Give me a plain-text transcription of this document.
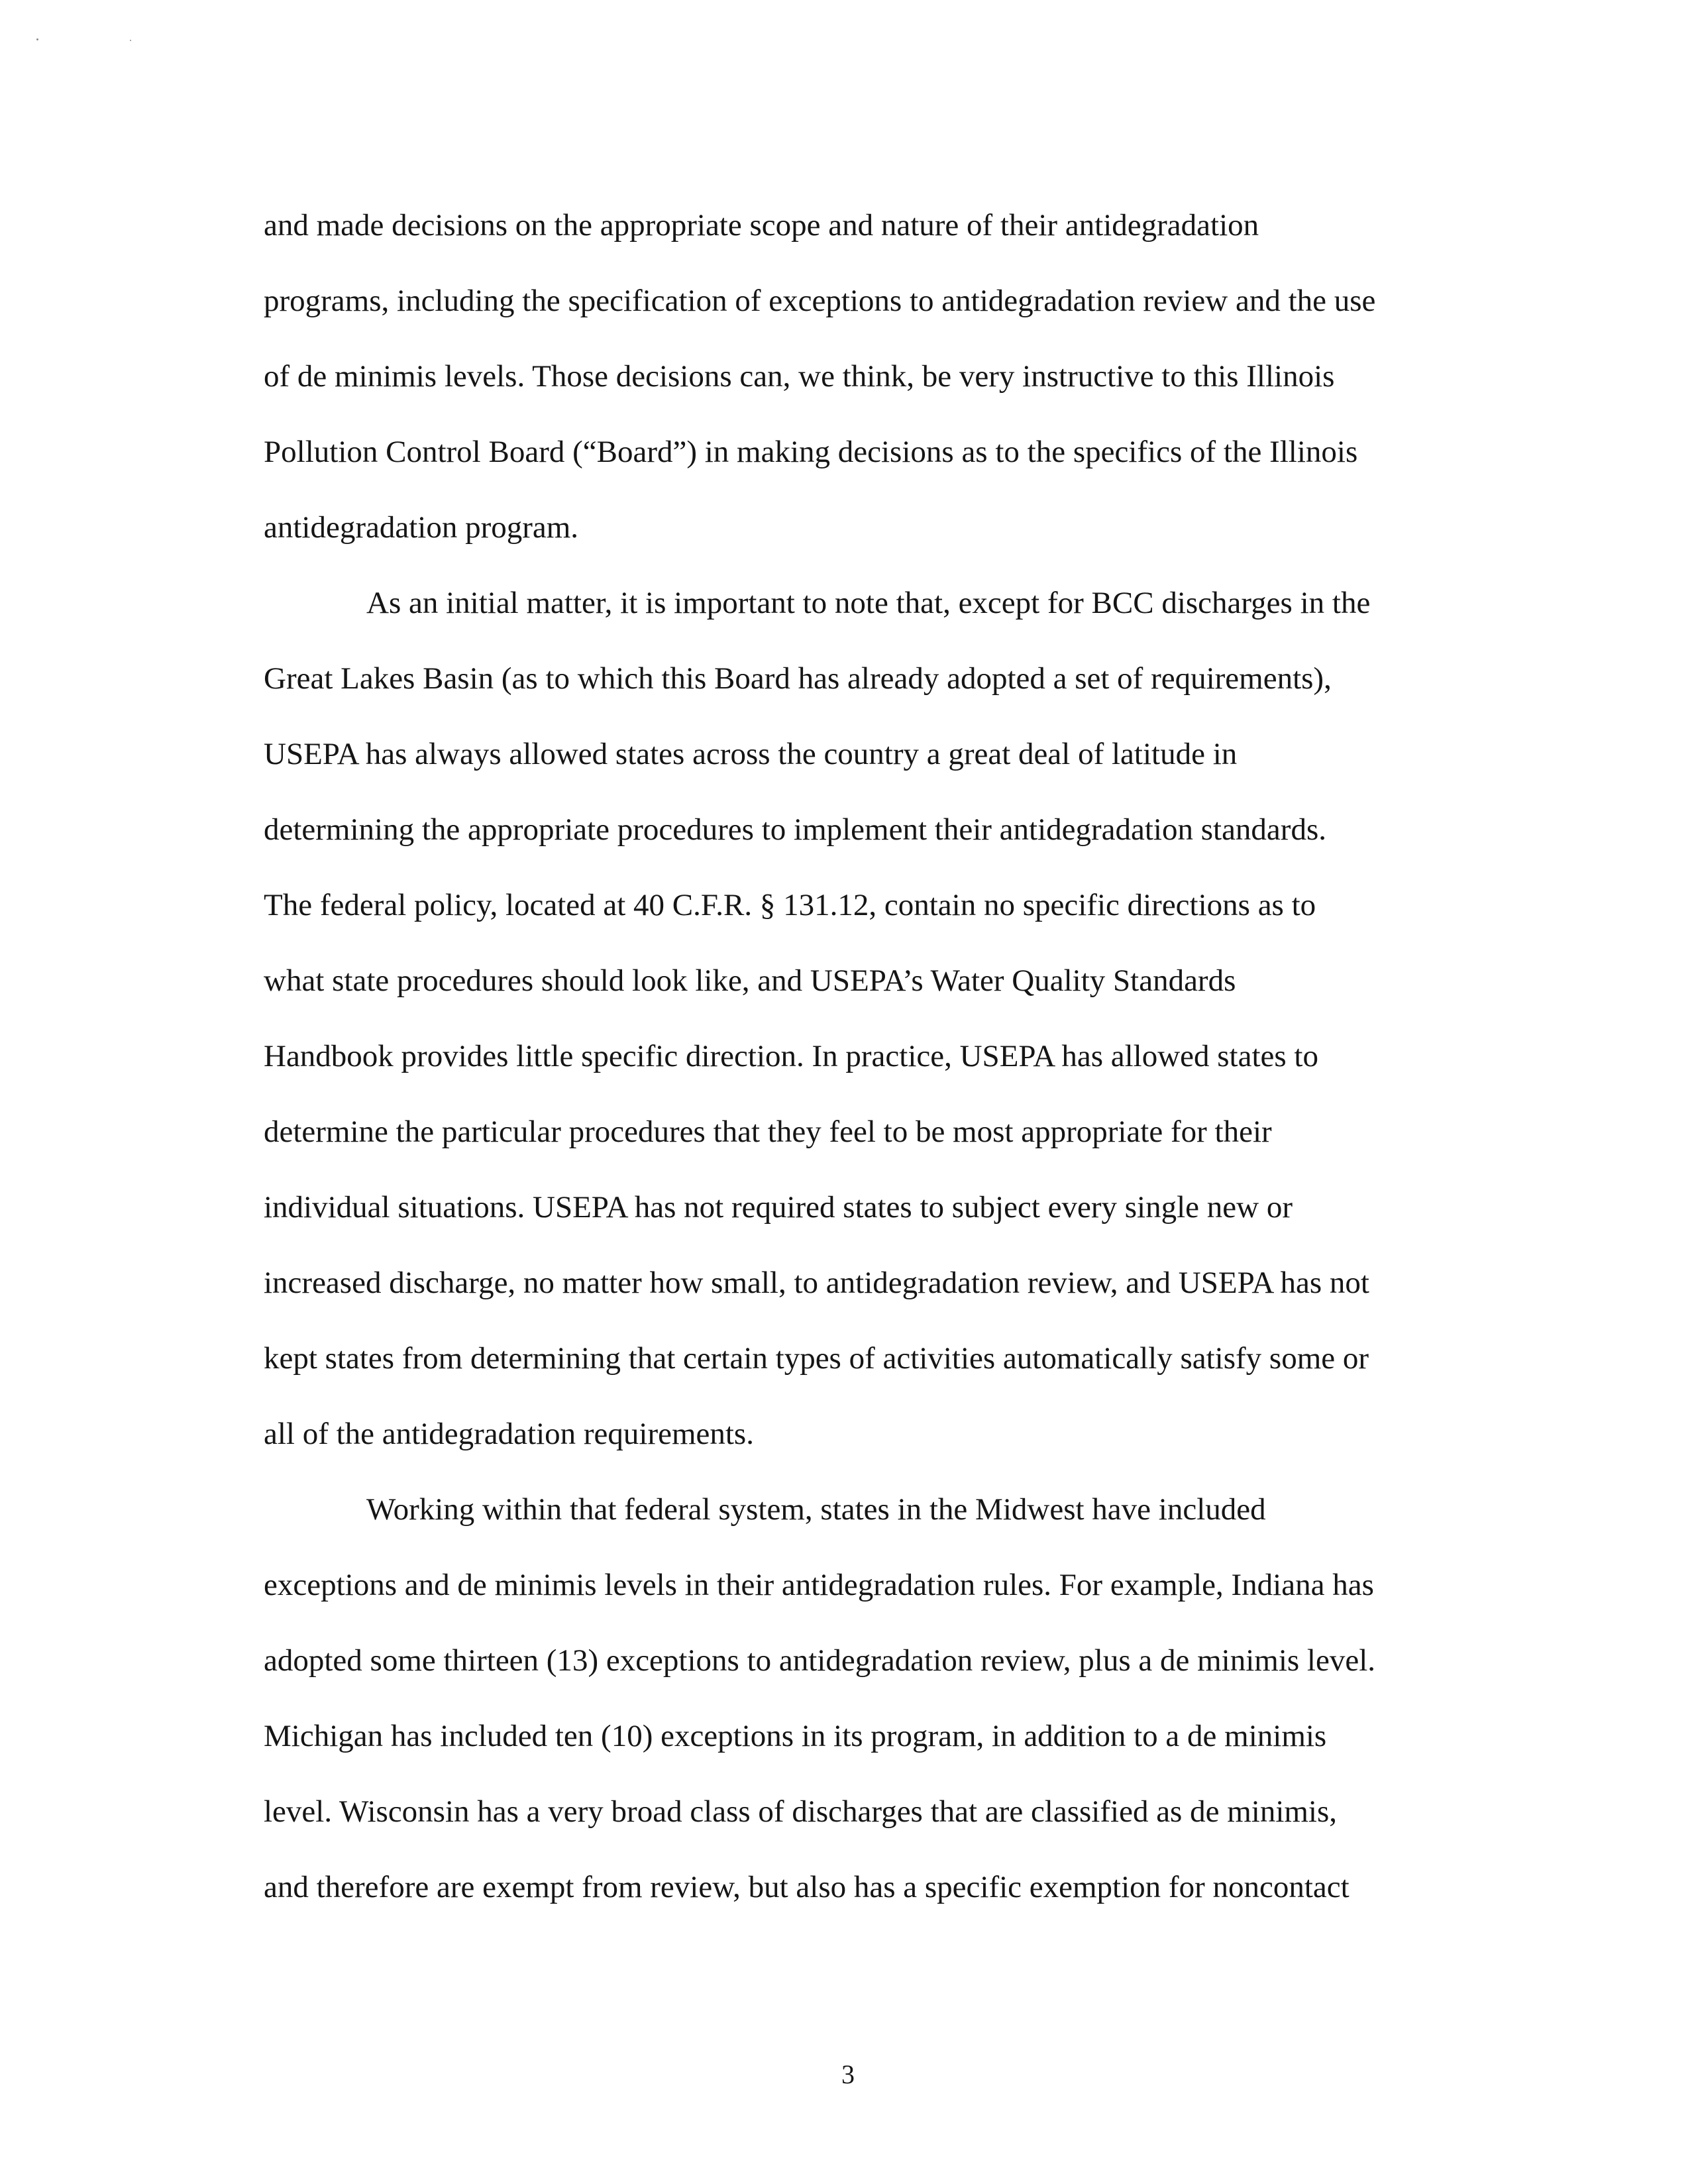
and made decisions on the appropriate scope and nature of their antidegradation
programs, including the specification of exceptions to antidegradation review and the use
of de minimis levels. Those decisions can, we think, be very instructive to this Illinois
Pollution Control Board (“Board”) in making decisions as to the specifics of the Illinois
antidegradation program.
As an initial matter, it is important to note that, except for BCC discharges in the
Great Lakes Basin (as to which this Board has already adopted a set of requirements),
USEPA has always allowed states across the country a great deal of latitude in
determining the appropriate procedures to implement their antidegradation standards.
The federal policy, located at 40 C.F.R. § 131.12, contain no specific directions as to
what state procedures should look like, and USEPA’s Water Quality Standards
Handbook provides little specific direction. In practice, USEPA has allowed states to
determine the particular procedures that they feel to be most appropriate for their
individual situations. USEPA has not required states to subject every single new or
increased discharge, no matter how small, to antidegradation review, and USEPA has not
kept states from determining that certain types of activities automatically satisfy some or
all of the antidegradation requirements.
Working within that federal system, states in the Midwest have included
exceptions and de minimis levels in their antidegradation rules. For example, Indiana has
adopted some thirteen (13) exceptions to antidegradation review, plus a de minimis level.
Michigan has included ten (10) exceptions in its program, in addition to a de minimis
level. Wisconsin has a very broad class of discharges that are classified as de minimis,
and therefore are exempt from review, but also has a specific exemption for noncontact
3
